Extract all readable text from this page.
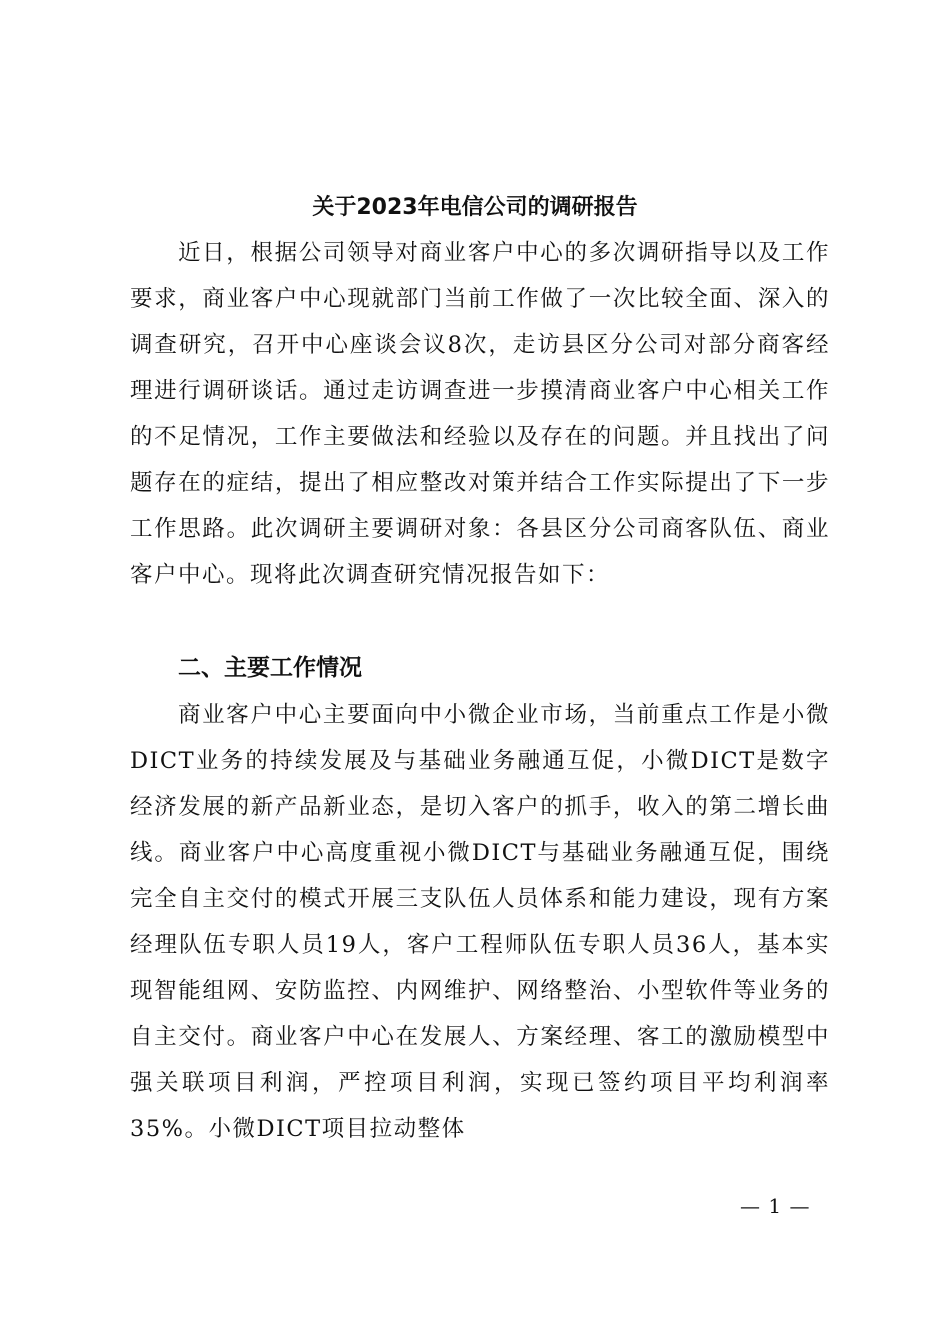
关于2023年电信公司的调研报告

近日，根据公司领导对商业客户中心的多次调研指导以及工作要求，商业客户中心现就部门当前工作做了一次比较全面、深入的调查研究，召开中心座谈会议8次，走访县区分公司对部分商客经理进行调研谈话。通过走访调查进一步摸清商业客户中心相关工作的不足情况，工作主要做法和经验以及存在的问题。并且找出了问题存在的症结，提出了相应整改对策并结合工作实际提出了下一步工作思路。此次调研主要调研对象：各县区分公司商客队伍、商业客户中心。现将此次调查研究情况报告如下：

二、主要工作情况

商业客户中心主要面向中小微企业市场，当前重点工作是小微DICT业务的持续发展及与基础业务融通互促，小微DICT是数字经济发展的新产品新业态，是切入客户的抓手，收入的第二增长曲线。商业客户中心高度重视小微DICT与基础业务融通互促，围绕完全自主交付的模式开展三支队伍人员体系和能力建设，现有方案经理队伍专职人员19人，客户工程师队伍专职人员36人，基本实现智能组网、安防监控、内网维护、网络整治、小型软件等业务的自主交付。商业客户中心在发展人、方案经理、客工的激励模型中强关联项目利润，严控项目利润，实现已签约项目平均利润率35%。小微DICT项目拉动整体

— 1 —
